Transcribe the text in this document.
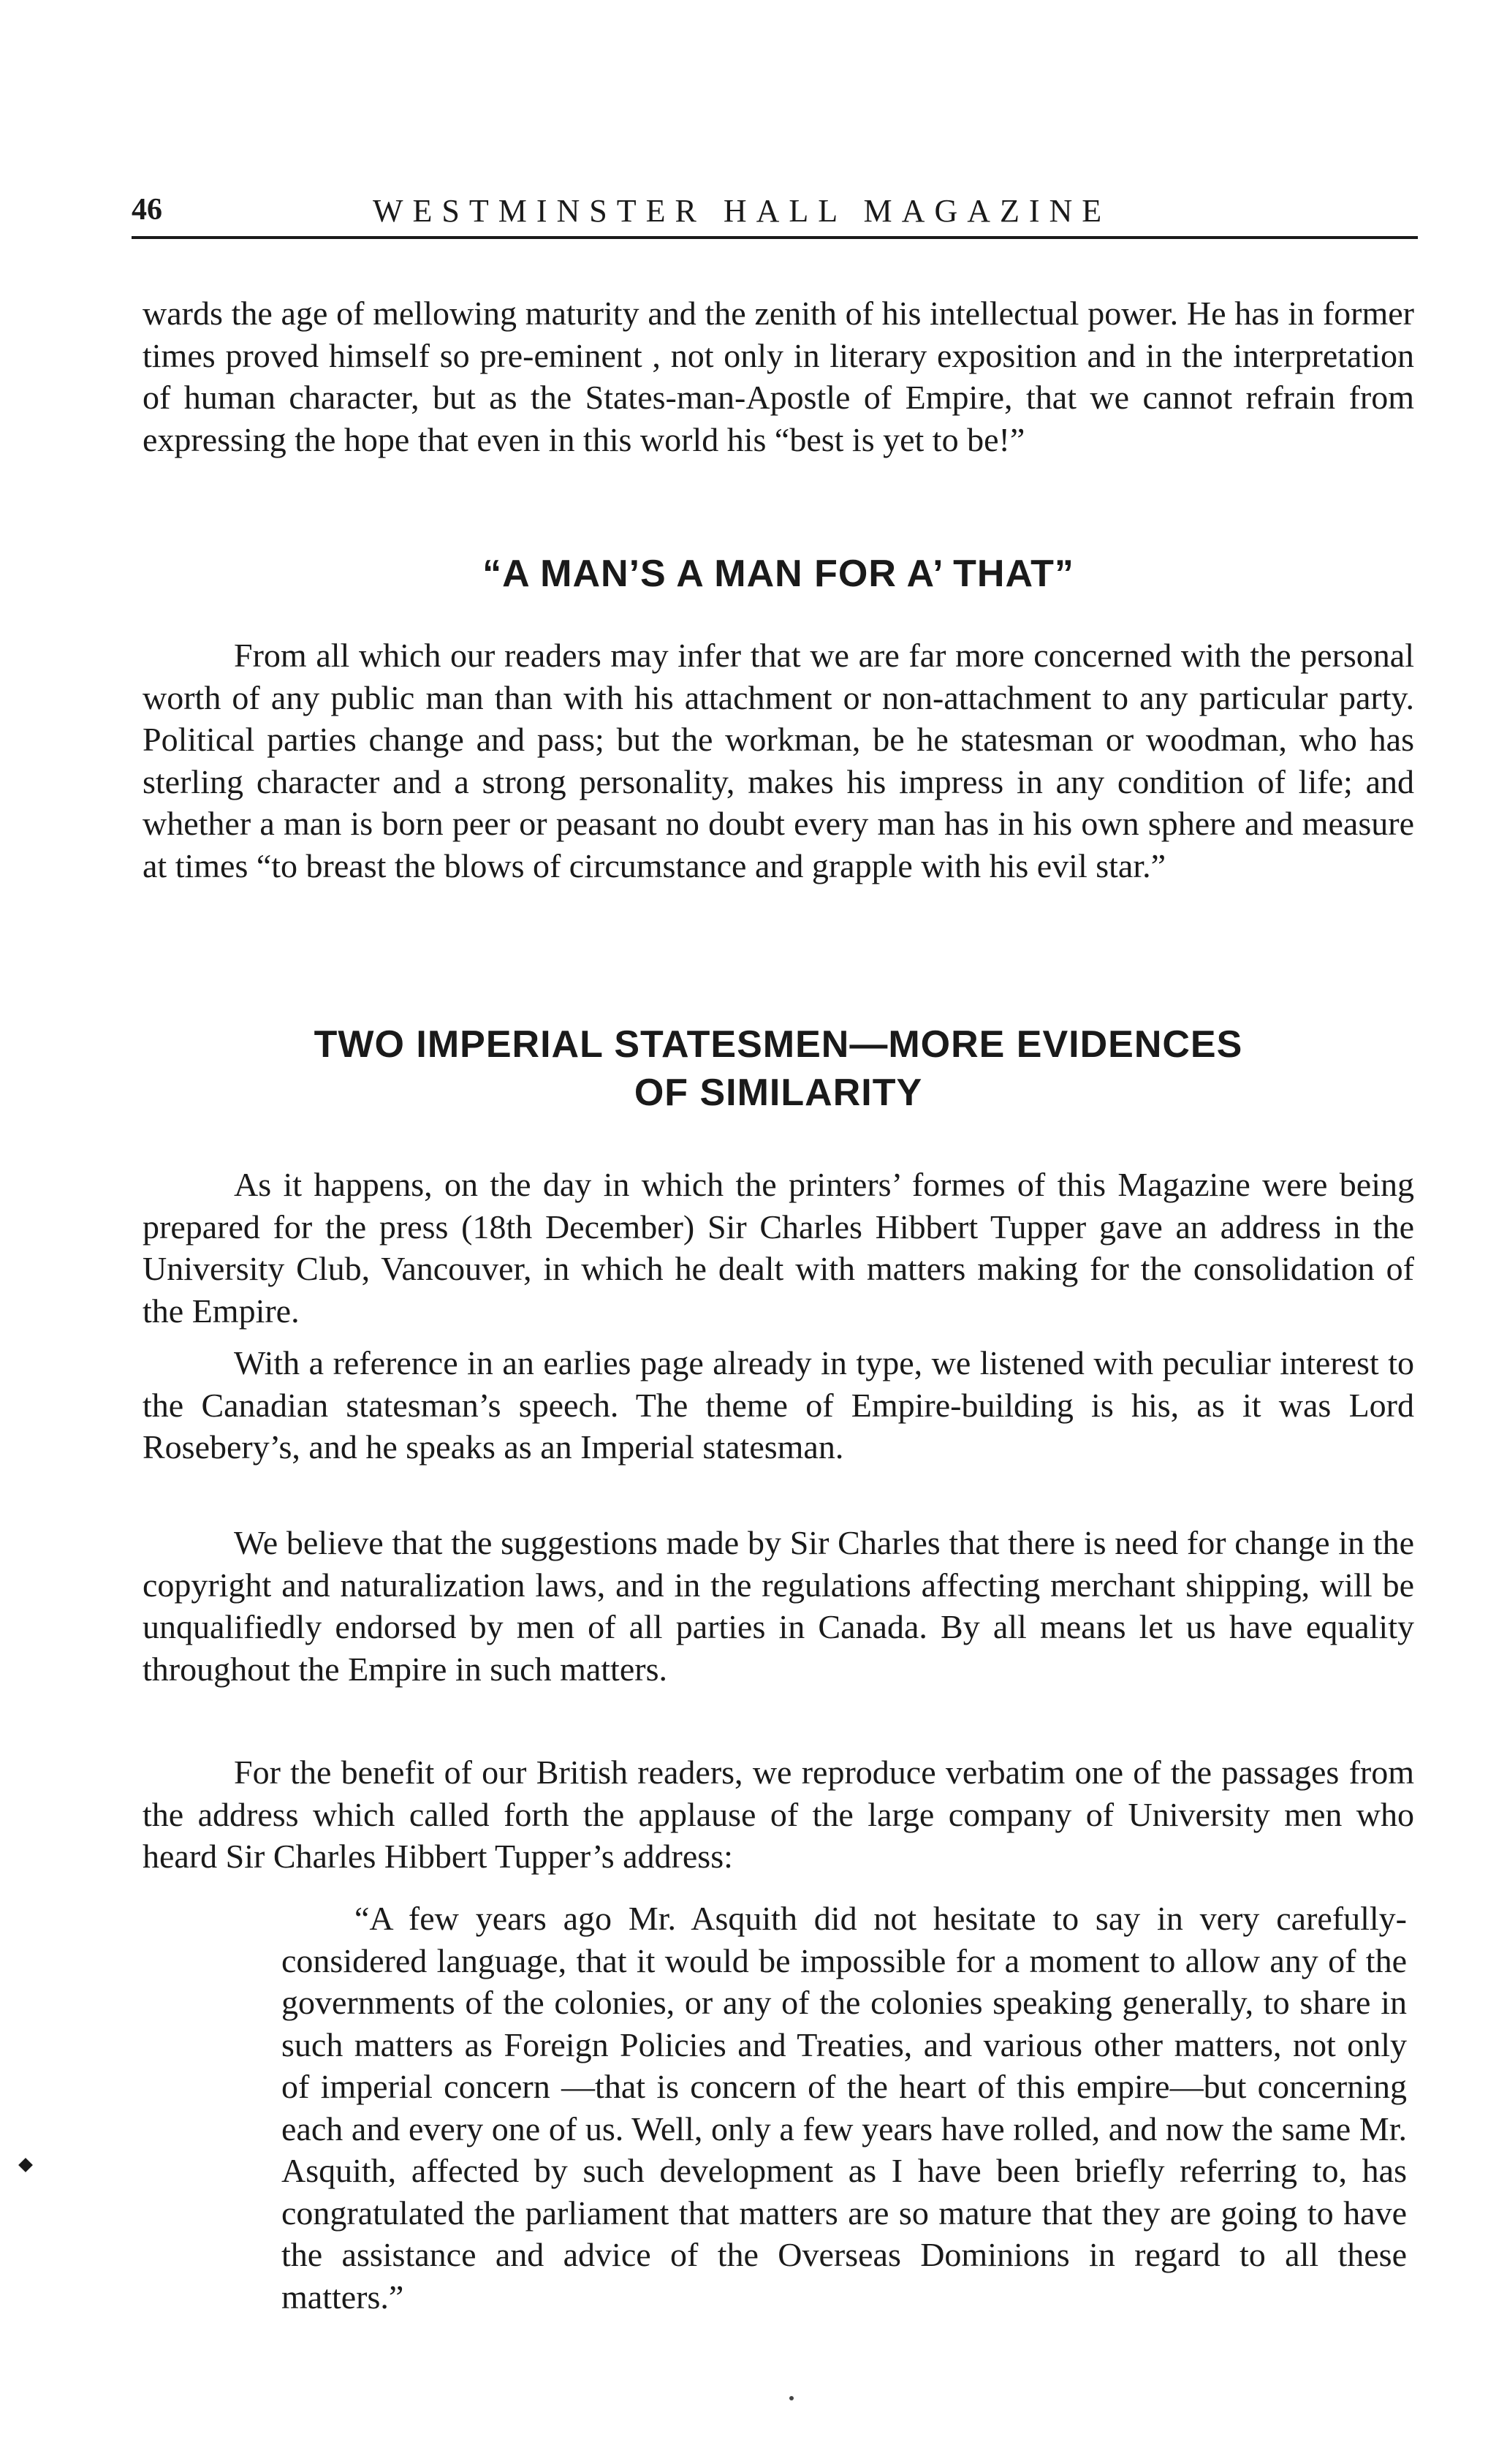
46	WESTMINSTER HALL MAGAZINE

wards the age of mellowing maturity and the zenith of his intellectual power. He has in former times proved himself so pre-eminent , not only in literary exposition and in the interpretation of human character, but as the States-man-Apostle of Empire, that we cannot refrain from expressing the hope that even in this world his “best is yet to be!”

“A MAN’S A MAN FOR A’ THAT”

From all which our readers may infer that we are far more concerned with the personal worth of any public man than with his attachment or non-attachment to any particular party. Political parties change and pass; but the workman, be he statesman or woodman, who has sterling character and a strong personality, makes his impress in any condition of life; and whether a man is born peer or peasant no doubt every man has in his own sphere and measure at times “to breast the blows of circumstance and grapple with his evil star.”

TWO IMPERIAL STATESMEN—MORE EVIDENCES
OF SIMILARITY

As it happens, on the day in which the printers’ formes of this Magazine were being prepared for the press (18th December) Sir Charles Hibbert Tupper gave an address in the University Club, Vancouver, in which he dealt with matters making for the consolidation of the Empire.

With a reference in an earlies page already in type, we listened with peculiar interest to the Canadian statesman’s speech. The theme of Empire-building is his, as it was Lord Rosebery’s, and he speaks as an Imperial statesman.

We believe that the suggestions made by Sir Charles that there is need for change in the copyright and naturalization laws, and in the regulations affecting merchant shipping, will be unqualifiedly endorsed by men of all parties in Canada. By all means let us have equality throughout the Empire in such matters.

For the benefit of our British readers, we reproduce verbatim one of the passages from the address which called forth the applause of the large company of University men who heard Sir Charles Hibbert Tupper’s address:

“A few years ago Mr. Asquith did not hesitate to say in very carefully-considered language, that it would be impossible for a moment to allow any of the governments of the colonies, or any of the colonies speaking generally, to share in such matters as Foreign Policies and Treaties, and various other matters, not only of imperial concern —that is concern of the heart of this empire—but concerning each and every one of us. Well, only a few years have rolled, and now the same Mr. Asquith, affected by such development as I have been briefly referring to, has congratulated the parliament that matters are so mature that they are going to have the assistance and advice of the Overseas Dominions in regard to all these matters.”
